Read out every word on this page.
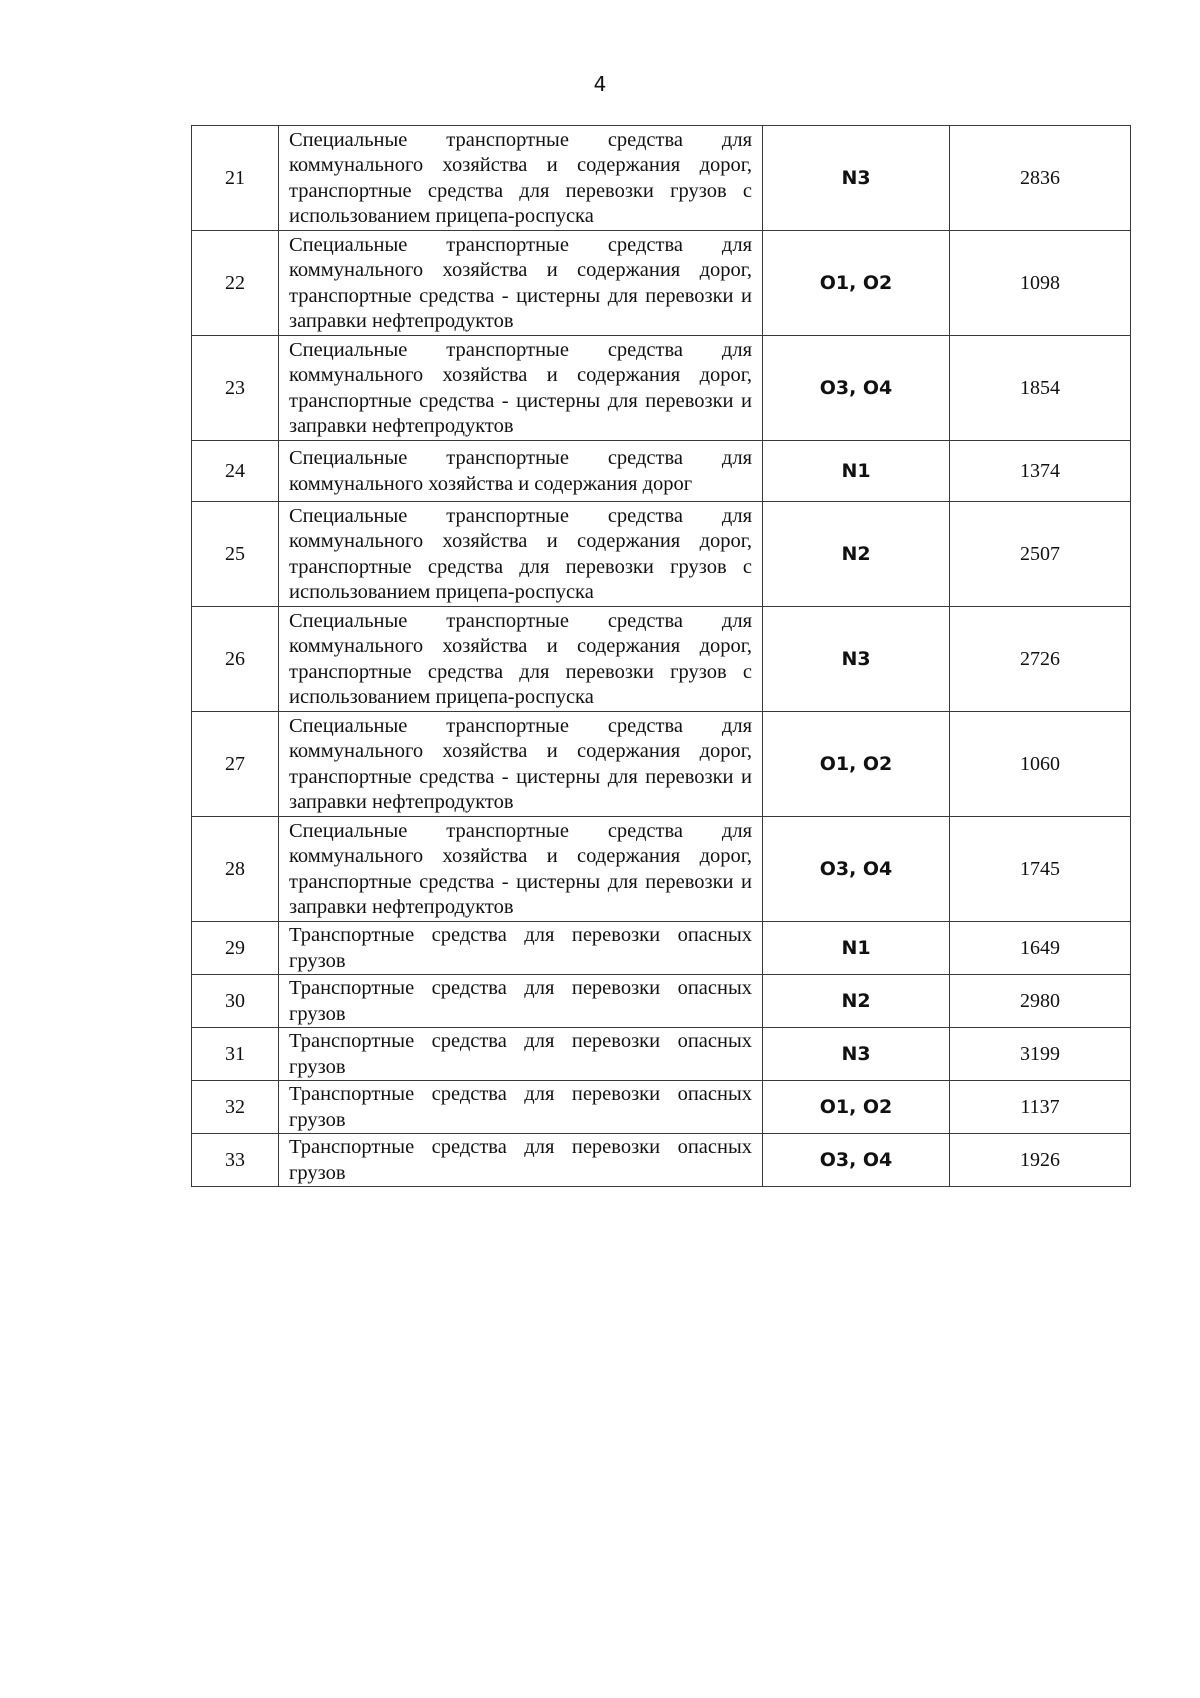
4
21	Специальные транспортные средства для коммунального хозяйства и содержания дорог, транспортные средства для перевозки грузов с использованием прицепа-роспуска	N3	2836
22	Специальные транспортные средства для коммунального хозяйства и содержания дорог, транспортные средства - цистерны для перевозки и заправки нефтепродуктов	O1, O2	1098
23	Специальные транспортные средства для коммунального хозяйства и содержания дорог, транспортные средства - цистерны для перевозки и заправки нефтепродуктов	O3, O4	1854
24	Специальные транспортные средства для коммунального хозяйства и содержания дорог	N1	1374
25	Специальные транспортные средства для коммунального хозяйства и содержания дорог, транспортные средства для перевозки грузов с использованием прицепа-роспуска	N2	2507
26	Специальные транспортные средства для коммунального хозяйства и содержания дорог, транспортные средства для перевозки грузов с использованием прицепа-роспуска	N3	2726
27	Специальные транспортные средства для коммунального хозяйства и содержания дорог, транспортные средства - цистерны для перевозки и заправки нефтепродуктов	O1, O2	1060
28	Специальные транспортные средства для коммунального хозяйства и содержания дорог, транспортные средства - цистерны для перевозки и заправки нефтепродуктов	O3, O4	1745
29	Транспортные средства для перевозки опасных грузов	N1	1649
30	Транспортные средства для перевозки опасных грузов	N2	2980
31	Транспортные средства для перевозки опасных грузов	N3	3199
32	Транспортные средства для перевозки опасных грузов	O1, O2	1137
33	Транспортные средства для перевозки опасных грузов	O3, O4	1926
